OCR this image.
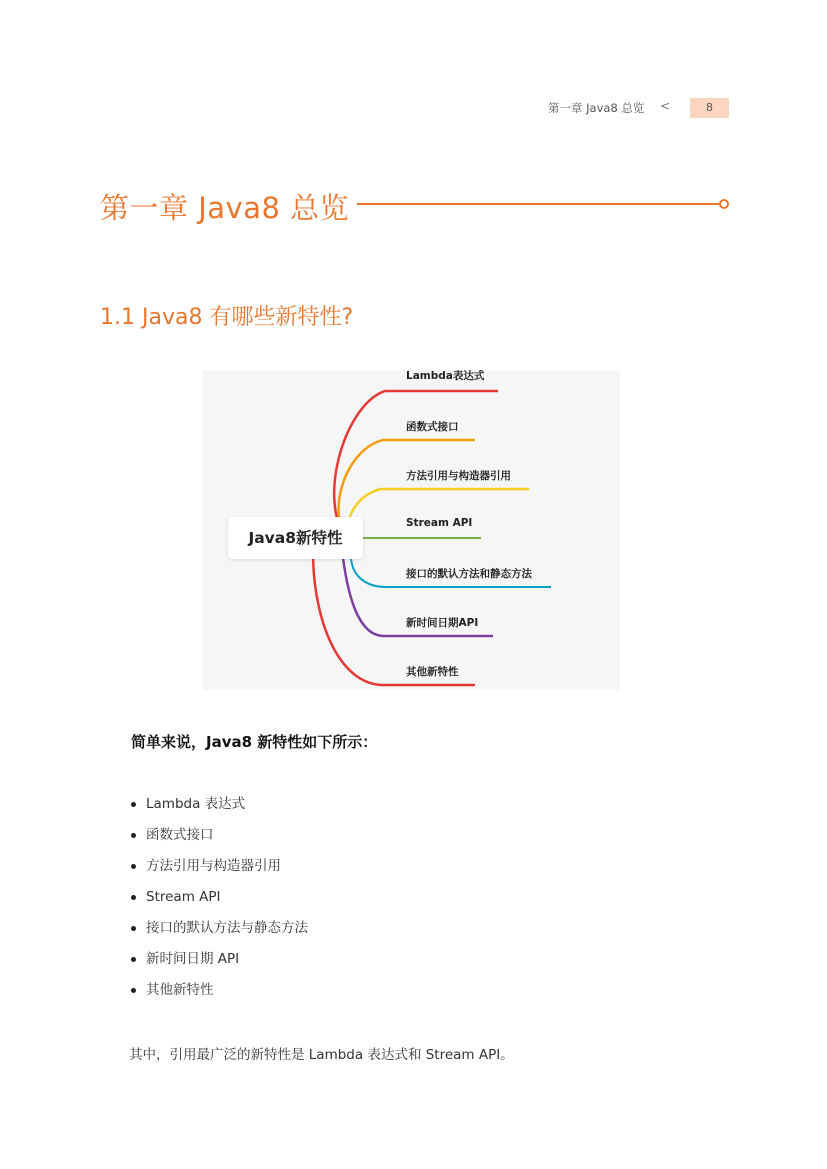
第一章 Java8 总览	<	8
第一章 Java8 总览
1.1 Java8 有哪些新特性?
Java8新特性
Lambda表达式
函数式接口
方法引用与构造器引用
Stream API
接口的默认方法和静态方法
新时间日期API
其他新特性
简单来说，Java8 新特性如下所示：
Lambda 表达式
函数式接口
方法引用与构造器引用
Stream API
接口的默认方法与静态方法
新时间日期 API
其他新特性
其中，引用最广泛的新特性是 Lambda 表达式和 Stream API。
